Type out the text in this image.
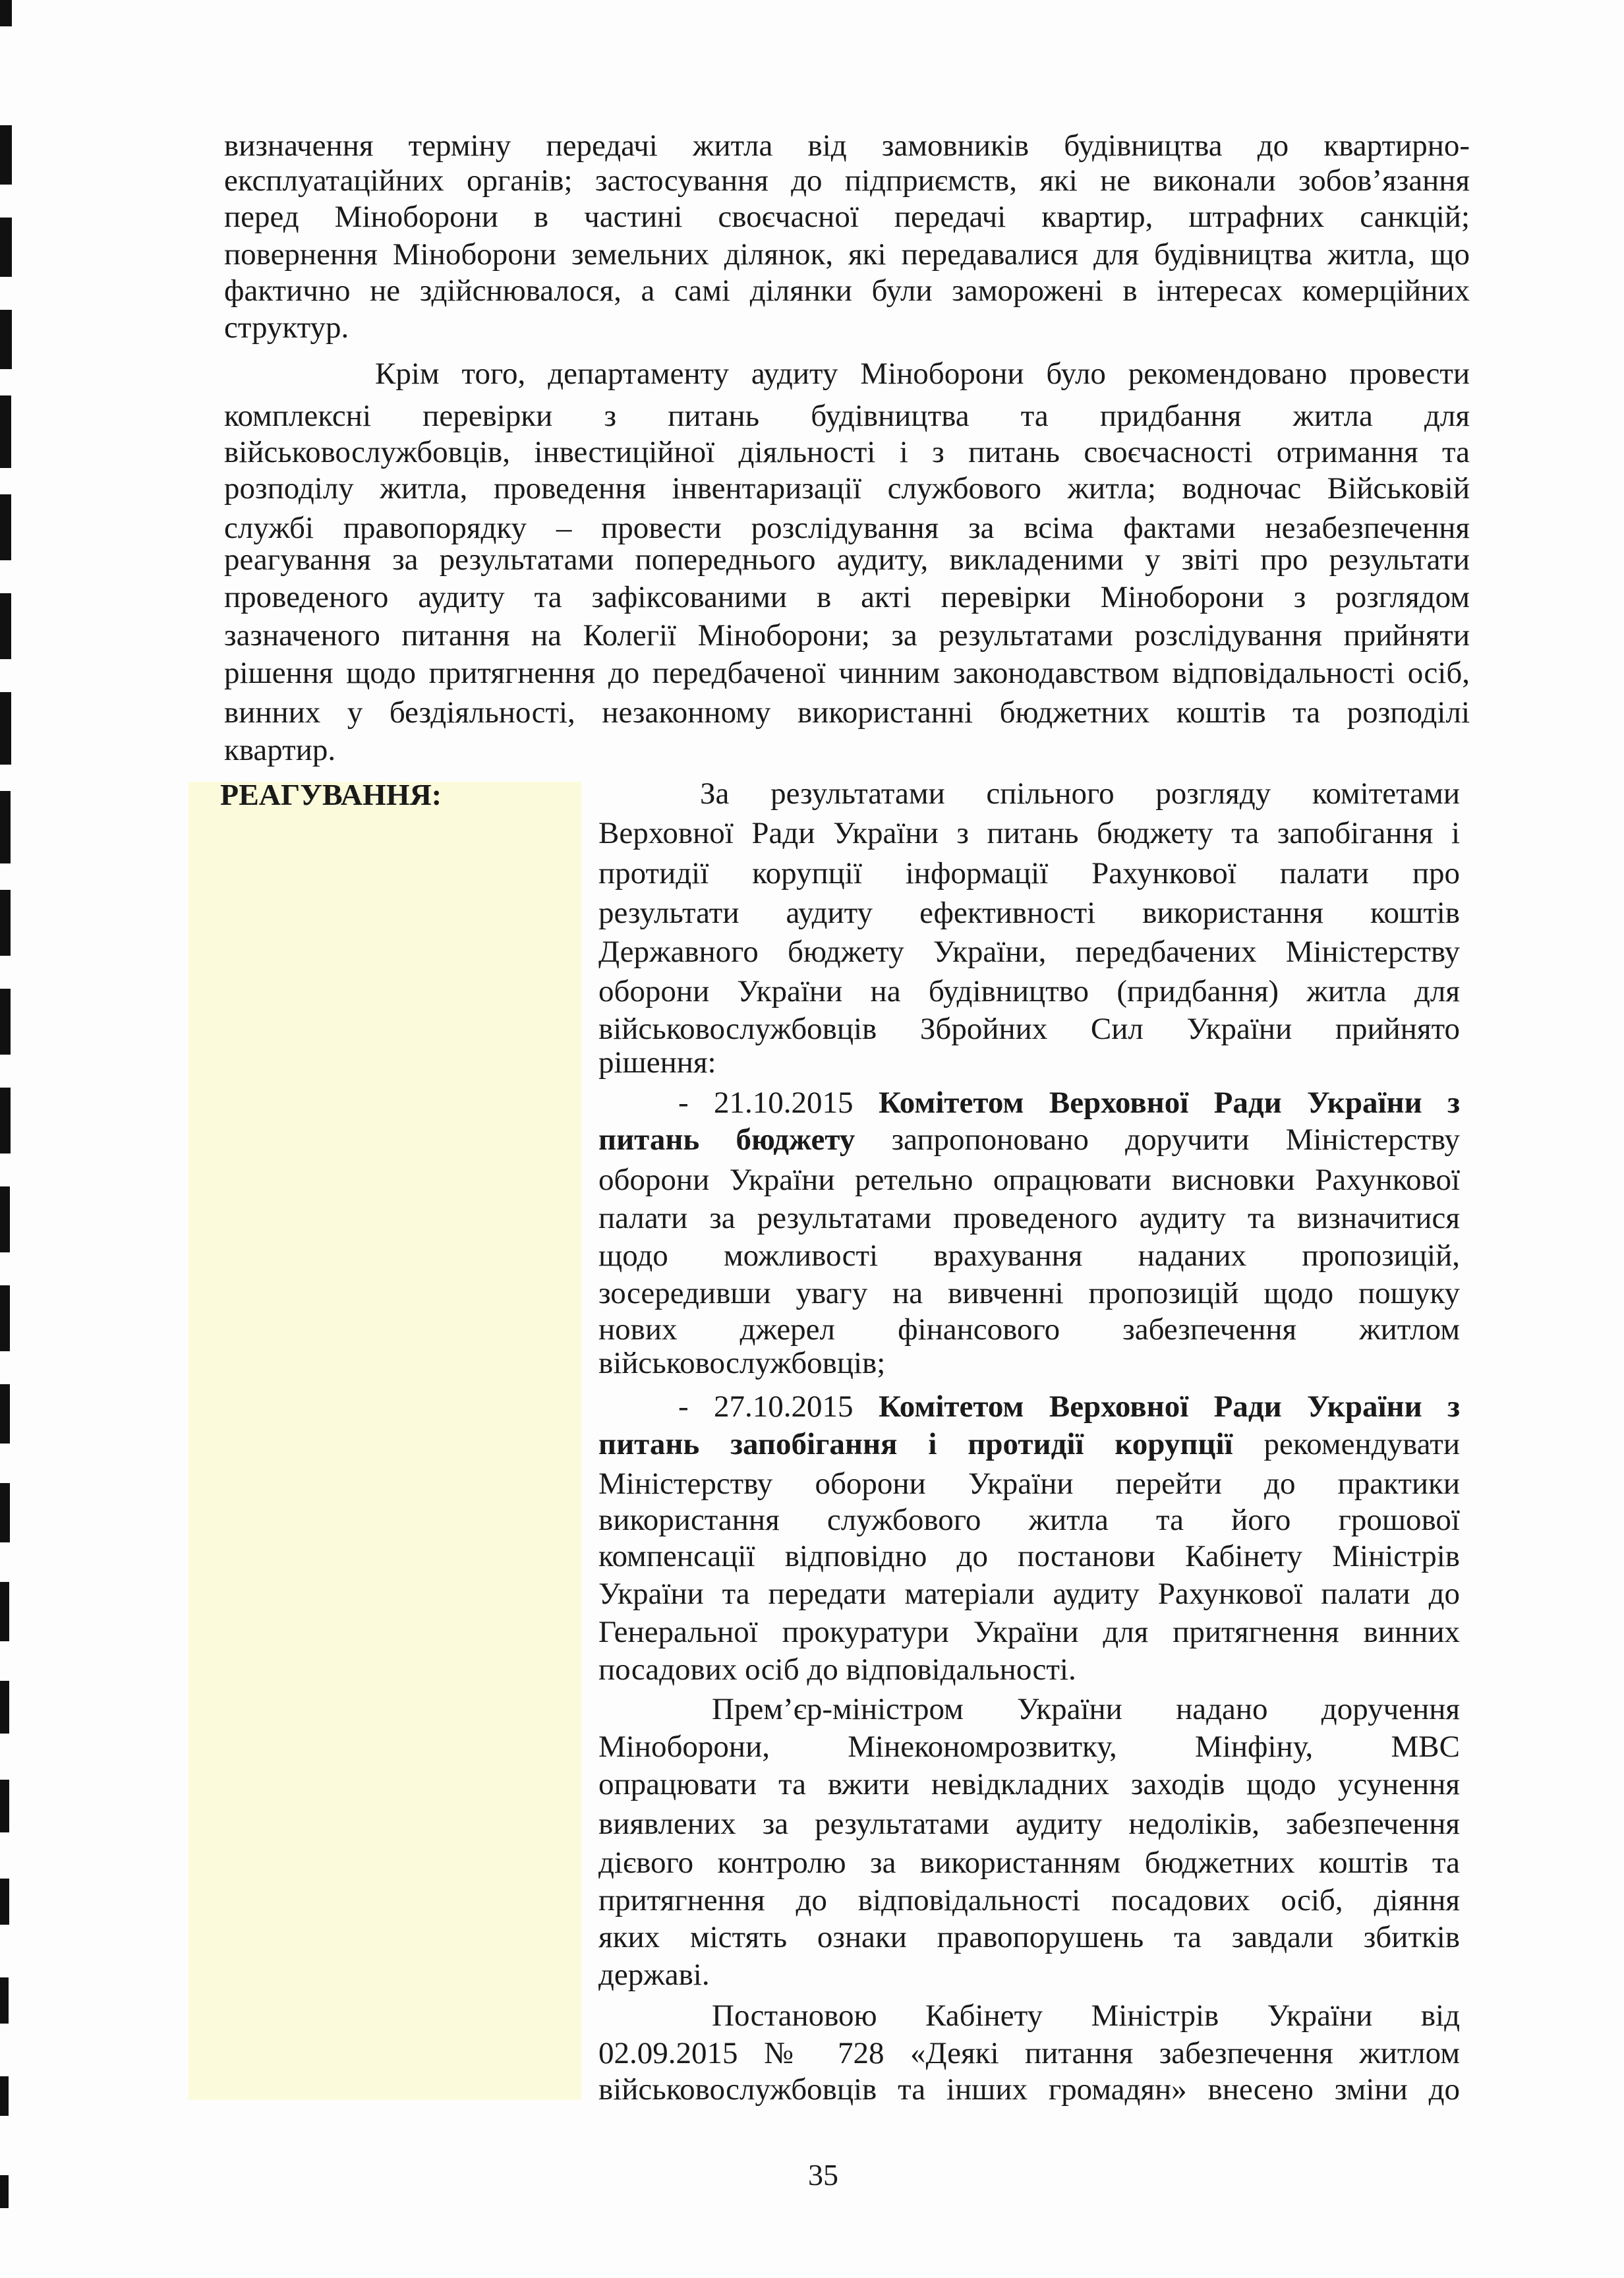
визначення терміну передачі житла від замовників будівництва до квартирно-
експлуатаційних органів; застосування до підприємств, які не виконали зобов’язання
перед Міноборони в частині своєчасної передачі квартир, штрафних санкцій;
повернення Міноборони земельних ділянок, які передавалися для будівництва житла, що
фактично не здійснювалося, а самі ділянки були заморожені в інтересах комерційних
структур.
Крім того, департаменту аудиту Міноборони було рекомендовано провести
комплексні перевірки з питань будівництва та придбання житла для
військовослужбовців, інвестиційної діяльності і з питань своєчасності отримання та
розподілу житла, проведення інвентаризації службового житла; водночас Військовій
службі правопорядку – провести розслідування за всіма фактами незабезпечення
реагування за результатами попереднього аудиту, викладеними у звіті про результати
проведеного аудиту та зафіксованими в акті перевірки Міноборони з розглядом
зазначеного питання на Колегії Міноборони; за результатами розслідування прийняти
рішення щодо притягнення до передбаченої чинним законодавством відповідальності осіб,
винних у бездіяльності, незаконному використанні бюджетних коштів та розподілі
квартир.
РЕАГУВАННЯ:	За результатами спільного розгляду комітетами
Верховної Ради України з питань бюджету та запобігання і
протидії корупції інформації Рахункової палати про
результати аудиту ефективності використання коштів
Державного бюджету України, передбачених Міністерству
оборони України на будівництво (придбання) житла для
військовослужбовців Збройних Сил України прийнято
рішення:
- 21.10.2015 Комітетом Верховної Ради України з
питань бюджету запропоновано доручити Міністерству
оборони України ретельно опрацювати висновки Рахункової
палати за результатами проведеного аудиту та визначитися
щодо можливості врахування наданих пропозицій,
зосередивши увагу на вивченні пропозицій щодо пошуку
нових джерел фінансового забезпечення житлом
військовослужбовців;
- 27.10.2015 Комітетом Верховної Ради України з
питань запобігання і протидії корупції рекомендувати
Міністерству оборони України перейти до практики
використання службового житла та його грошової
компенсації відповідно до постанови Кабінету Міністрів
України та передати матеріали аудиту Рахункової палати до
Генеральної прокуратури України для притягнення винних
посадових осіб до відповідальності.
Прем’єр-міністром України надано доручення
Міноборони, Мінекономрозвитку, Мінфіну, МВС
опрацювати та вжити невідкладних заходів щодо усунення
виявлених за результатами аудиту недоліків, забезпечення
дієвого контролю за використанням бюджетних коштів та
притягнення до відповідальності посадових осіб, діяння
яких містять ознаки правопорушень та завдали збитків
державі.
Постановою Кабінету Міністрів України від
02.09.2015 № 728 «Деякі питання забезпечення житлом
військовослужбовців та інших громадян» внесено зміни до
35
